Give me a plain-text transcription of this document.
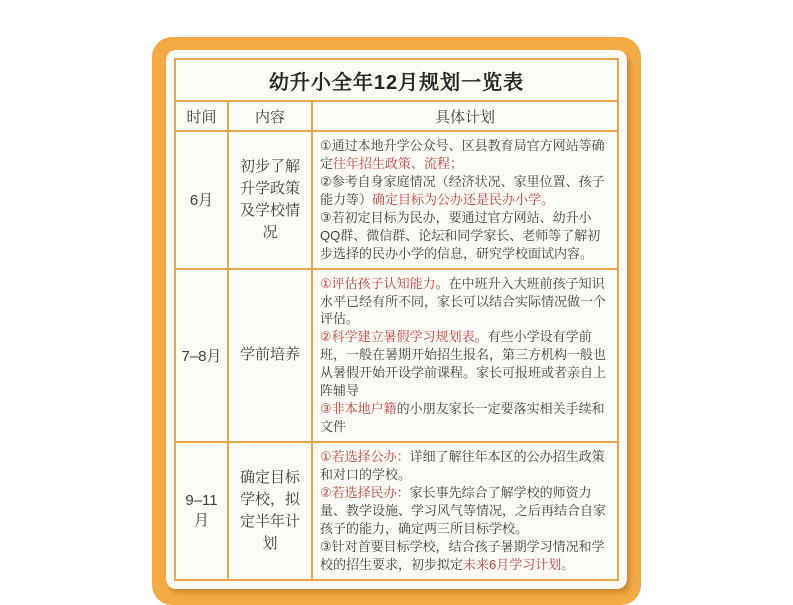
幼升小全年12月规划一览表		
时间	内容	具体计划
6月	初步了解升学政策及学校情况	①通过本地升学公众号、区县教育局官方网站等确定往年招生政策、流程；
②参考自身家庭情况（经济状况、家里位置、孩子能力等）确定目标为公办还是民办小学。
③若初定目标为民办，要通过官方网站、幼升小QQ群、微信群、论坛和同学家长、老师等了解初步选择的民办小学的信息，研究学校面试内容。

7–8月	学前培养	①评估孩子认知能力。在中班升入大班前孩子知识水平已经有所不同，家长可以结合实际情况做一个评估。
②科学建立暑假学习规划表。有些小学设有学前班，一般在暑期开始招生报名，第三方机构一般也从暑假开始开设学前课程。家长可报班或者亲自上阵辅导
③非本地户籍的小朋友家长一定要落实相关手续和文件

9–11月	确定目标学校，拟定半年计划	①若选择公办：详细了解往年本区的公办招生政策和对口的学校。
②若选择民办：家长事先综合了解学校的师资力量、教学设施、学习风气等情况，之后再结合自家孩子的能力，确定两三所目标学校。
③针对首要目标学校，结合孩子暑期学习情况和学校的招生要求，初步拟定未来6月学习计划。
